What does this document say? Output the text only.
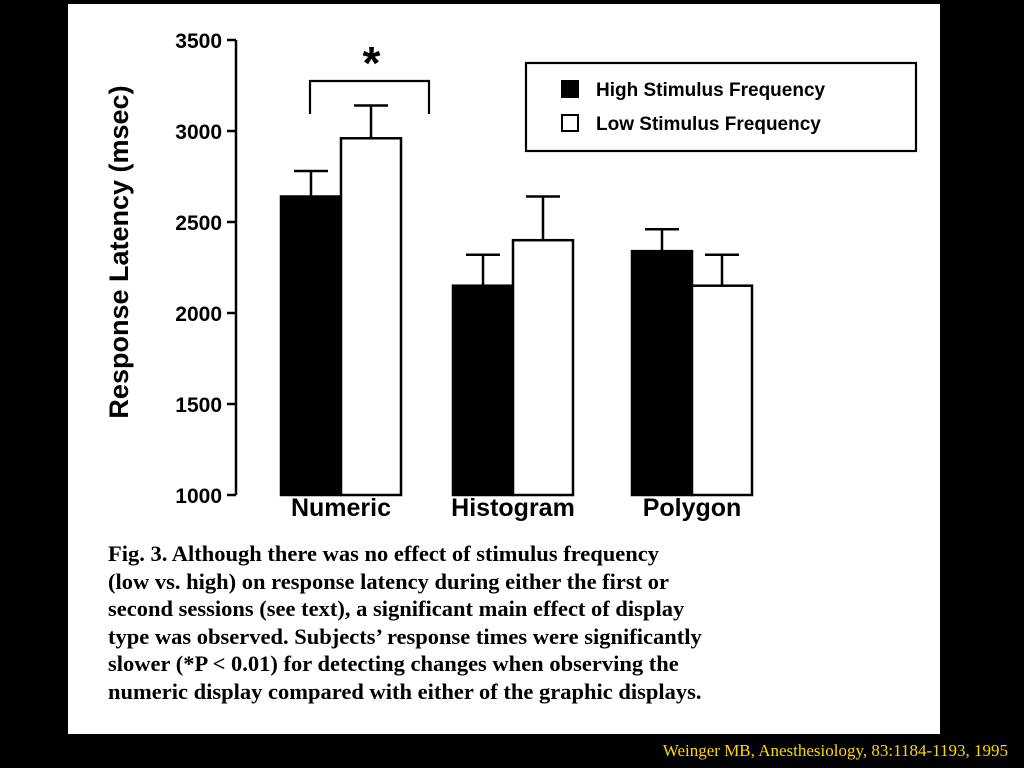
1000
1500
2000
2500
3000
3500
Response Latency (msec)
Numeric Histogram	Polygon
*
High Stimulus Frequency
Low Stimulus Frequency

Fig. 3. Although there was no effect of stimulus frequency
(low vs. high) on response latency during either the first or
second sessions (see text), a significant main effect of display
type was observed. Subjects’ response times were significantly
slower (*P < 0.01) for detecting changes when observing the
numeric display compared with either of the graphic displays.

Weinger MB, Anesthesiology, 83:1184-1193, 1995
